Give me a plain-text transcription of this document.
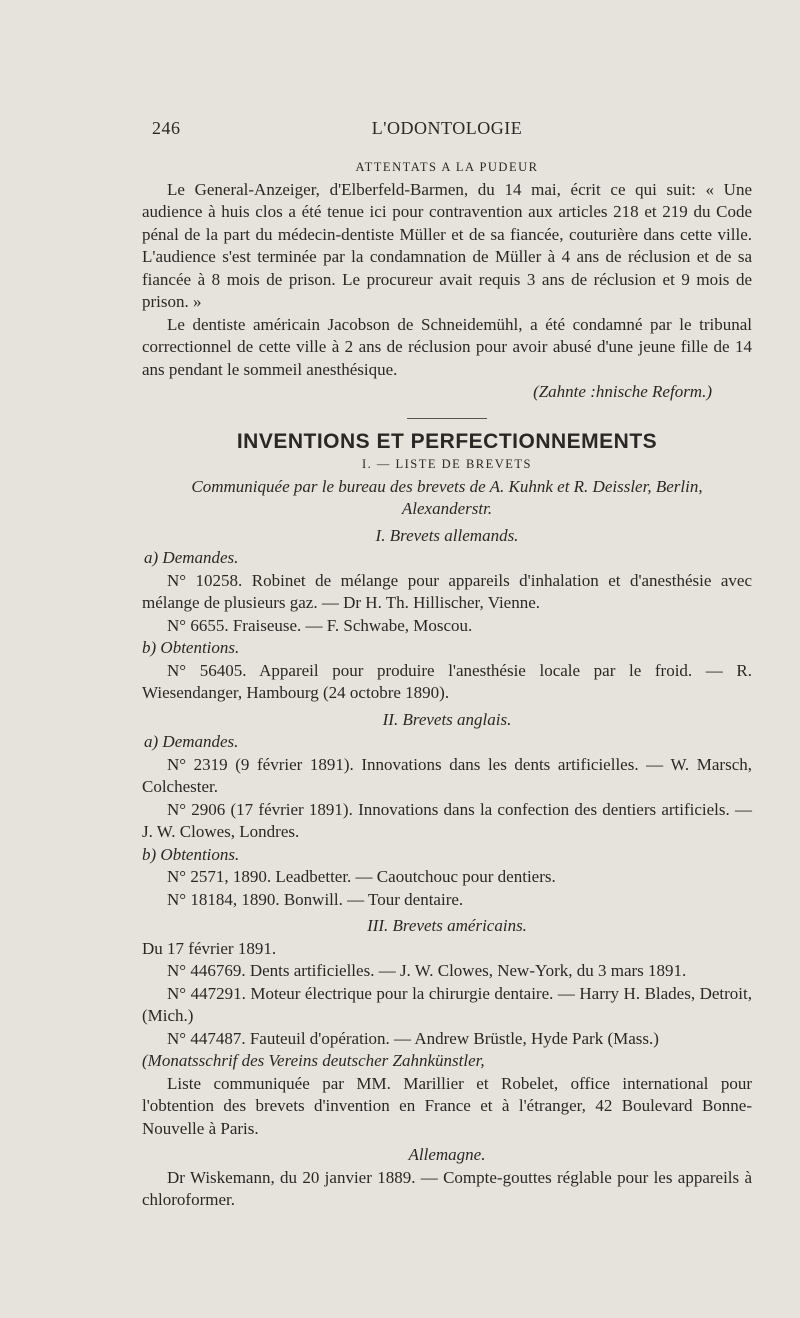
246	L'ODONTOLOGIE

ATTENTATS A LA PUDEUR

Le General-Anzeiger, d'Elberfeld-Barmen, du 14 mai, écrit ce qui suit: « Une audience à huis clos a été tenue ici pour contravention aux articles 218 et 219 du Code pénal de la part du médecin-dentiste Müller et de sa fiancée, couturière dans cette ville. L'audience s'est terminée par la condamnation de Müller à 4 ans de réclusion et de sa fiancée à 8 mois de prison. Le procureur avait requis 3 ans de réclusion et 9 mois de prison. »

Le dentiste américain Jacobson de Schneidemühl, a été condamné par le tribunal correctionnel de cette ville à 2 ans de réclusion pour avoir abusé d'une jeune fille de 14 ans pendant le sommeil anesthésique.

(Zahnte :hnische Reform.)

INVENTIONS ET PERFECTIONNEMENTS

I. — LISTE DE BREVETS

Communiquée par le bureau des brevets de A. Kuhnk et R. Deissler, Berlin,

Alexanderstr.

I. Brevets allemands.

a) Demandes.

N° 10258. Robinet de mélange pour appareils d'inhalation et d'anesthésie avec mélange de plusieurs gaz. — Dr H. Th. Hillischer, Vienne.

N° 6655. Fraiseuse. — F. Schwabe, Moscou.

b) Obtentions.

N° 56405. Appareil pour produire l'anesthésie locale par le froid. — R. Wiesendanger, Hambourg (24 octobre 1890).

II. Brevets anglais.

a) Demandes.

N° 2319 (9 février 1891). Innovations dans les dents artificielles. — W. Marsch, Colchester.

N° 2906 (17 février 1891). Innovations dans la confection des dentiers artificiels. — J. W. Clowes, Londres.

b) Obtentions.

N° 2571, 1890. Leadbetter. — Caoutchouc pour dentiers.

N° 18184, 1890. Bonwill. — Tour dentaire.

III. Brevets américains.

Du 17 février 1891.

N° 446769. Dents artificielles. — J. W. Clowes, New-York, du 3 mars 1891.

N° 447291. Moteur électrique pour la chirurgie dentaire. — Harry H. Blades, Detroit, (Mich.)

N° 447487. Fauteuil d'opération. — Andrew Brüstle, Hyde Park (Mass.)

(Monatsschrif des Vereins deutscher Zahnkünstler,

Liste communiquée par MM. Marillier et Robelet, office international pour l'obtention des brevets d'invention en France et à l'étranger, 42 Boulevard Bonne-Nouvelle à Paris.

Allemagne.

Dr Wiskemann, du 20 janvier 1889. — Compte-gouttes réglable pour les appareils à chloroformer.
